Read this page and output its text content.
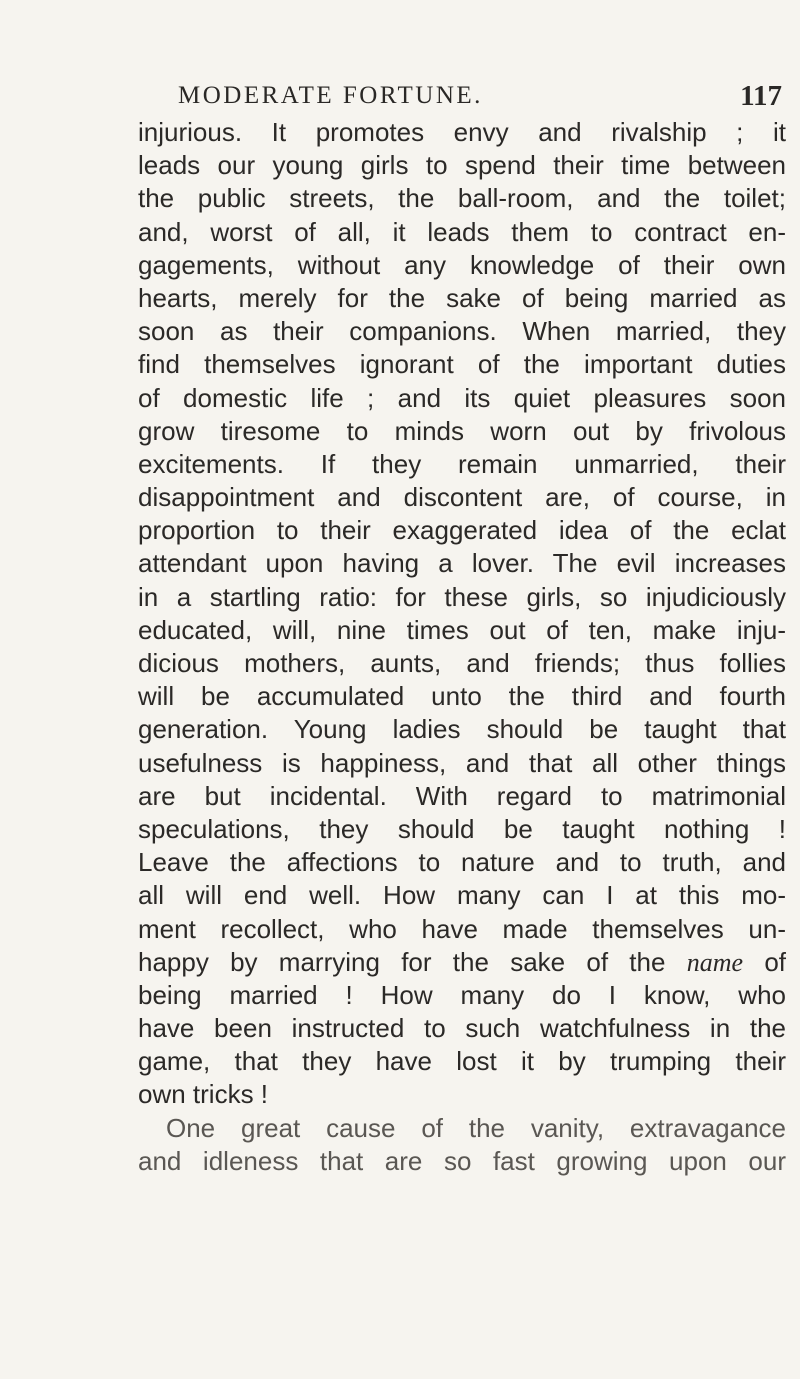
MODERATE FORTUNE.	117
injurious. It promotes envy and rivalship ; it
leads our young girls to spend their time between
the public streets, the ball-room, and the toilet;
and, worst of all, it leads them to contract en-
gagements, without any knowledge of their own
hearts, merely for the sake of being married as
soon as their companions. When married, they
find themselves ignorant of the important duties
of domestic life ; and its quiet pleasures soon
grow tiresome to minds worn out by frivolous
excitements. If they remain unmarried, their
disappointment and discontent are, of course, in
proportion to their exaggerated idea of the eclat
attendant upon having a lover. The evil increases
in a startling ratio: for these girls, so injudiciously
educated, will, nine times out of ten, make inju-
dicious mothers, aunts, and friends; thus follies
will be accumulated unto the third and fourth
generation. Young ladies should be taught that
usefulness is happiness, and that all other things
are but incidental. With regard to matrimonial
speculations, they should be taught nothing !
Leave the affections to nature and to truth, and
all will end well. How many can I at this mo-
ment recollect, who have made themselves un-
happy by marrying for the sake of the name of
being married ! How many do I know, who
have been instructed to such watchfulness in the
game, that they have lost it by trumping their
own tricks !
One great cause of the vanity, extravagance
and idleness that are so fast growing upon our
